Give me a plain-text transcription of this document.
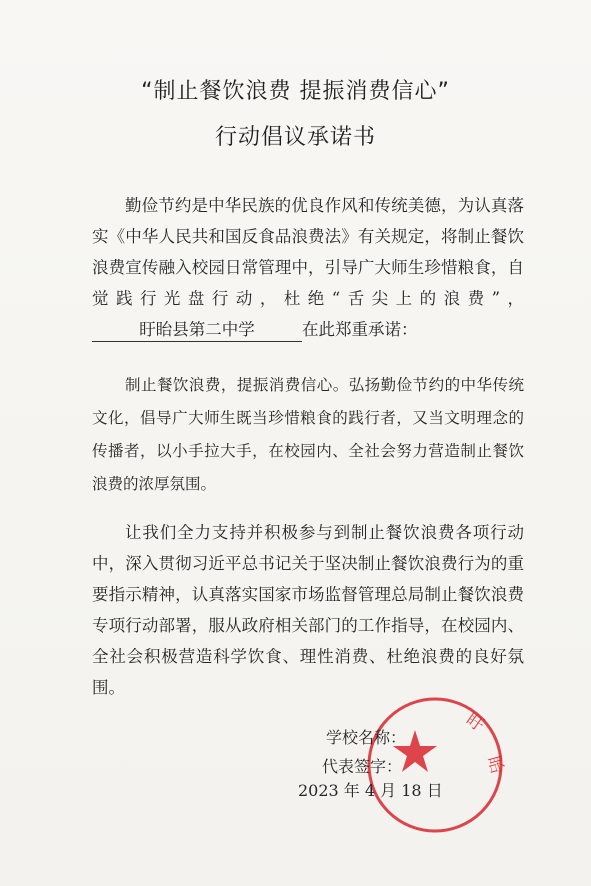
“制止餐饮浪费 提振消费信心”
行动倡议承诺书
勤俭节约是中华民族的优良作风和传统美德，为认真落实《中华人民共和国反食品浪费法》有关规定，将制止餐饮浪费宣传融入校园日常管理中，引导广大师生珍惜粮食，自觉践行光盘行动，杜绝“舌尖上的浪费”，盱眙县第二中学	在此郑重承诺：
制止餐饮浪费，提振消费信心。弘扬勤俭节约的中华传统文化，倡导广大师生既当珍惜粮食的践行者，又当文明理念的传播者，以小手拉大手，在校园内、全社会努力营造制止餐饮浪费的浓厚氛围。
让我们全力支持并积极参与到制止餐饮浪费各项行动中，深入贯彻习近平总书记关于坚决制止餐饮浪费行为的重要指示精神，认真落实国家市场监督管理总局制止餐饮浪费专项行动部署，服从政府相关部门的工作指导，在校园内、全社会积极营造科学饮食、理性消费、杜绝浪费的良好氛围。
盱
眙
学校名称：
代表签字：
2023 年 4 月 18 日
